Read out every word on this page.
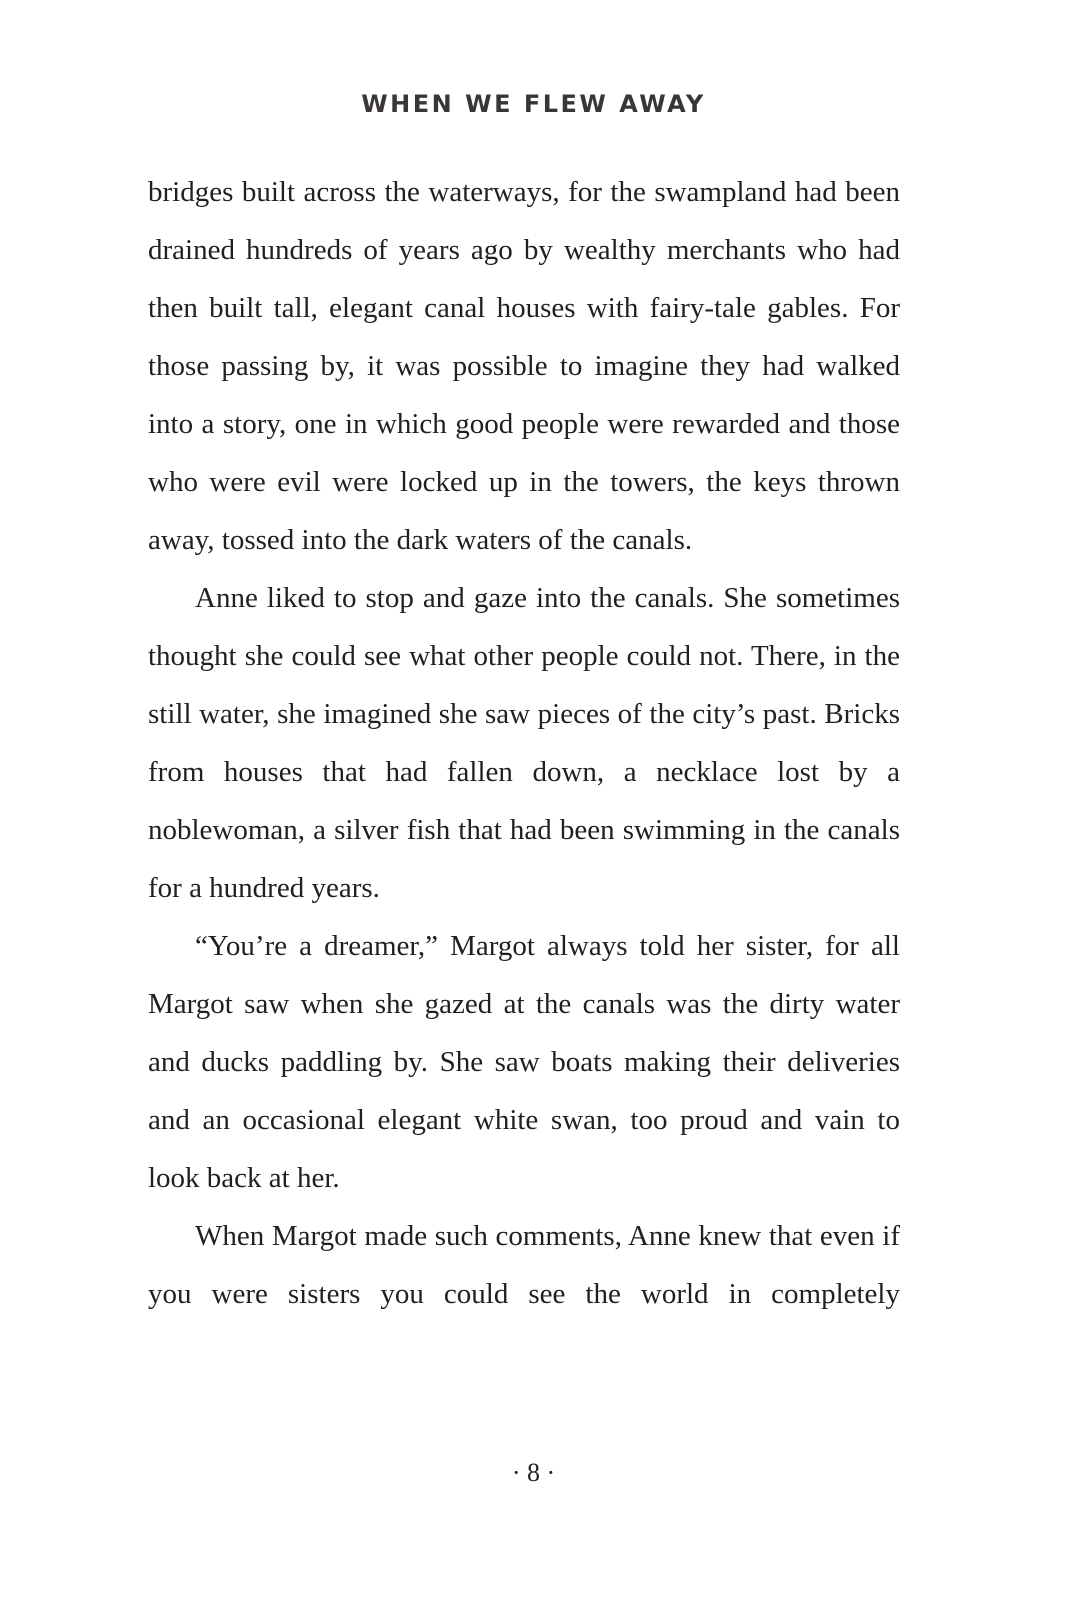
WHEN WE FLEW AWAY

bridges built across the waterways, for the swampland had been drained hundreds of years ago by wealthy merchants who had then built tall, elegant canal houses with fairy-tale gables. For those passing by, it was possible to imagine they had walked into a story, one in which good people were rewarded and those who were evil were locked up in the towers, the keys thrown away, tossed into the dark waters of the canals.

Anne liked to stop and gaze into the canals. She sometimes thought she could see what other people could not. There, in the still water, she imagined she saw pieces of the city’s past. Bricks from houses that had fallen down, a necklace lost by a noblewoman, a silver fish that had been swimming in the canals for a hundred years.

“You’re a dreamer,” Margot always told her sister, for all Margot saw when she gazed at the canals was the dirty water and ducks paddling by. She saw boats making their deliveries and an occasional elegant white swan, too proud and vain to look back at her.

When Margot made such comments, Anne knew that even if you were sisters you could see the world in completely

· 8 ·
